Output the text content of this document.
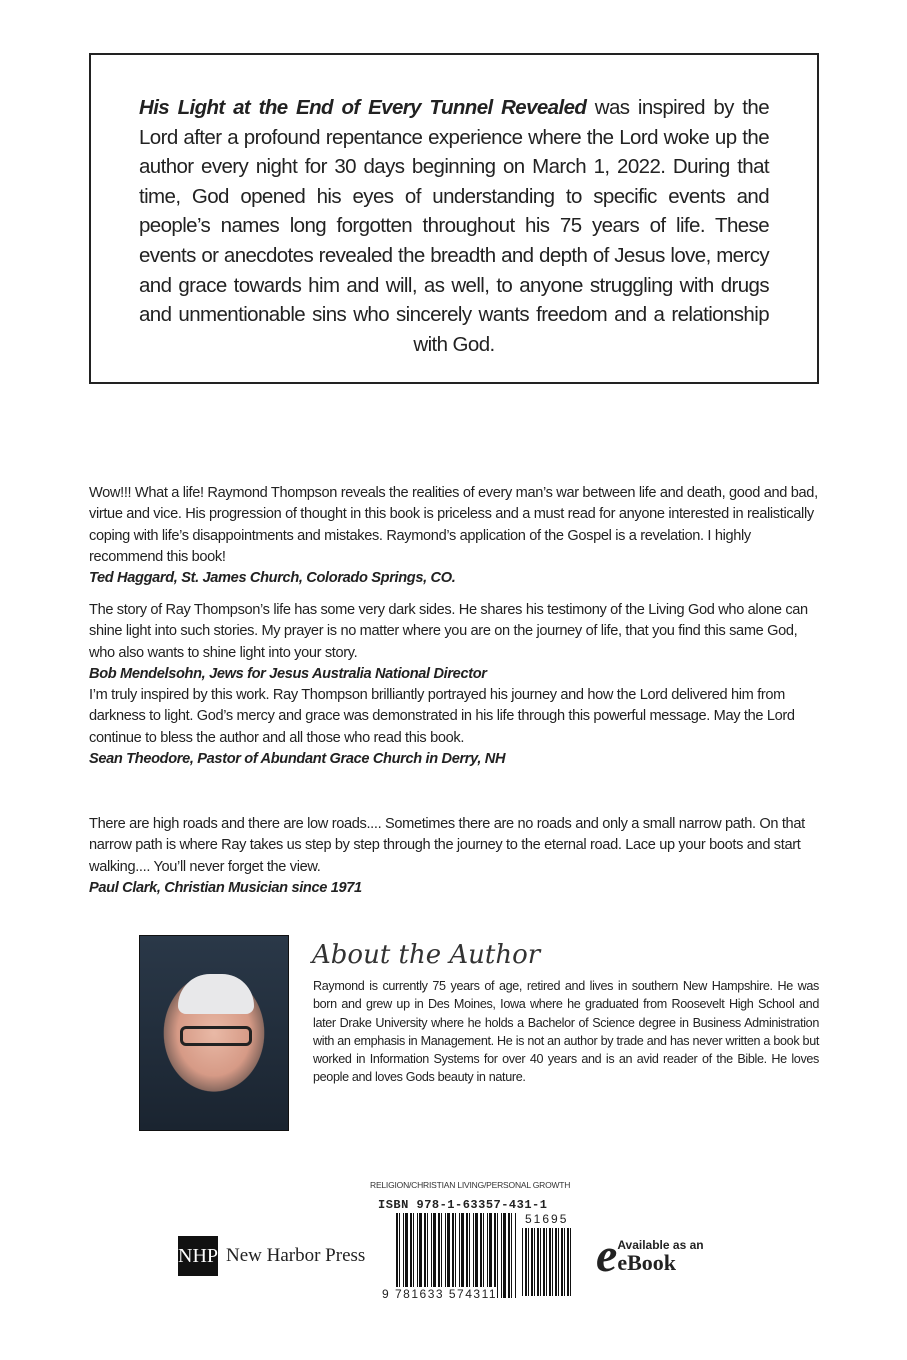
His Light at the End of Every Tunnel Revealed was inspired by the Lord after a profound repentance experience where the Lord woke up the author every night for 30 days beginning on March 1, 2022. During that time, God opened his eyes of understanding to specific events and people’s names long forgotten throughout his 75 years of life. These events or anecdotes revealed the breadth and depth of Jesus love, mercy and grace towards him and will, as well, to anyone struggling with drugs and unmentionable sins who sincerely wants freedom and a relationship with God.

Wow!!! What a life! Raymond Thompson reveals the realities of every man’s war between life and death, good and bad, virtue and vice. His progression of thought in this book is priceless and a must read for anyone interested in realistically coping with life’s disappointments and mistakes. Raymond’s application of the Gospel is a revelation. I highly recommend this book!
Ted Haggard, St. James Church, Colorado Springs, CO.
The story of Ray Thompson’s life has some very dark sides. He shares his testimony of the Living God who alone can shine light into such stories. My prayer is no matter where you are on the journey of life, that you find this same God, who also wants to shine light into your story.
Bob Mendelsohn, Jews for Jesus Australia National Director
I’m truly inspired by this work. Ray Thompson brilliantly portrayed his journey and how the Lord delivered him from darkness to light. God’s mercy and grace was demonstrated in his life through this powerful message. May the Lord continue to bless the author and all those who read this book.
Sean Theodore, Pastor of Abundant Grace Church in Derry, NH
There are high roads and there are low roads.... Sometimes there are no roads and only a small narrow path. On that narrow path is where Ray takes us step by step through the journey to the eternal road. Lace up your boots and start walking.... You’ll never forget the view.
Paul Clark, Christian Musician since 1971
About the Author
Raymond is currently 75 years of age, retired and lives in southern New Hampshire. He was born and grew up in Des Moines, Iowa where he graduated from Roosevelt High School and later Drake University where he holds a Bachelor of Science degree in Business Administration with an emphasis in Management. He is not an author by trade and has never written a book but worked in Information Systems for over 40 years and is an avid reader of the Bible. He loves people and loves Gods beauty in nature.
NHP New Harbor Press
RELIGION/CHRISTIAN LIVING/PERSONAL GROWTH
ISBN 978-1-63357-431-1
51695
9 781633 574311
e Available as an
eBook
